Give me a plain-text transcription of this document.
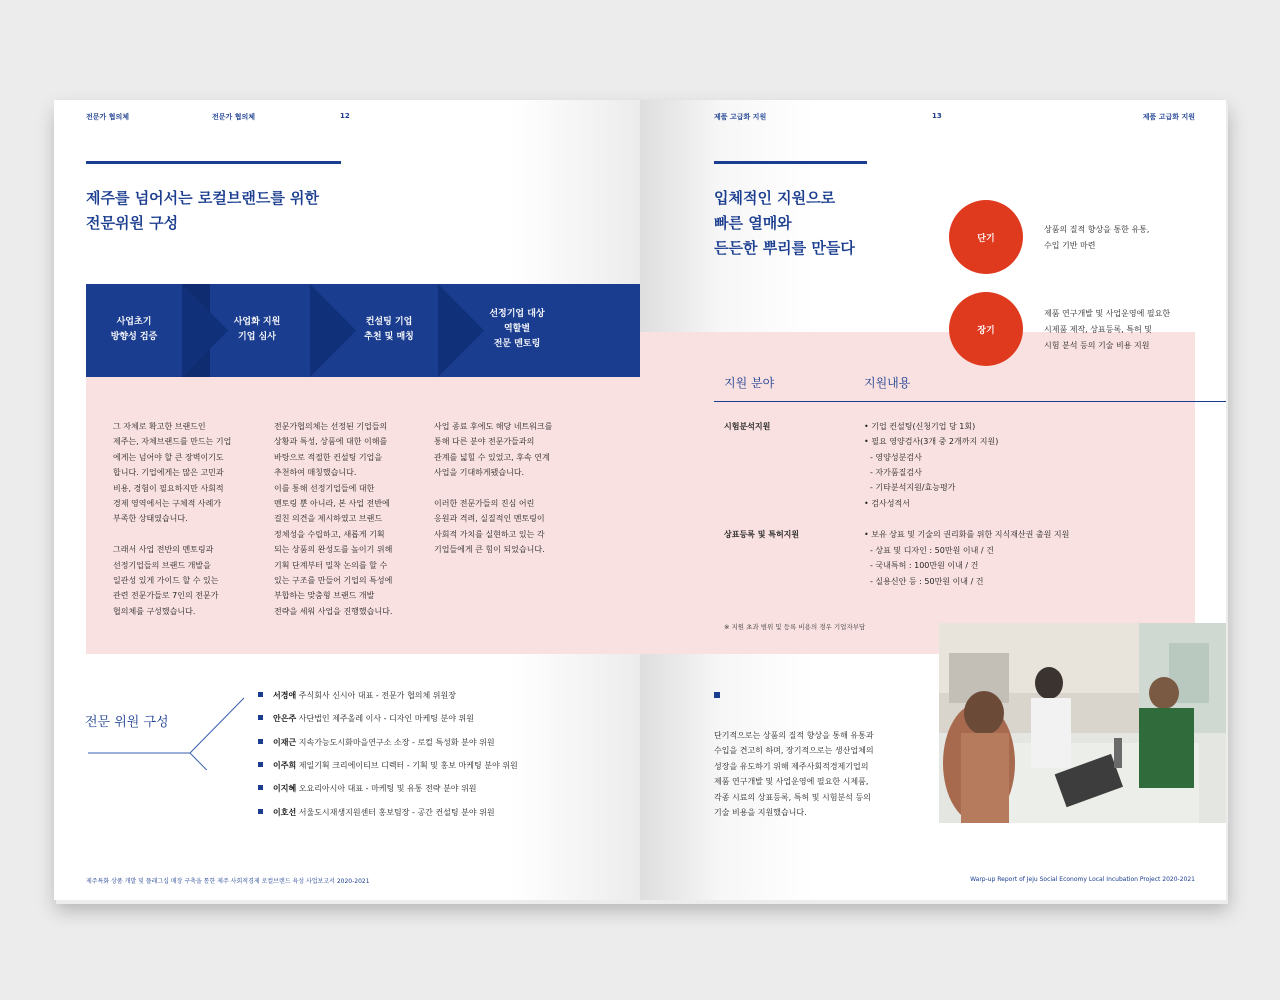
전문가 협의체	전문가 협의체	12
제주를 넘어서는 로컬브랜드를 위한
전문위원 구성
사업초기
방향성 검증
사업화 지원
기업 심사
컨설팅 기업
추천 및 매칭
선정기업 대상
역할별
전문 멘토링
그 자체로 확고한 브랜드인
제주는, 자체브랜드를 만드는 기업
에게는 넘어야 할 큰 장벽이기도
합니다. 기업에게는 많은 고민과
비용, 경험이 필요하지만 사회적
경제 영역에서는 구체적 사례가
부족한 상태였습니다.

그래서 사업 전반의 멘토링과
선정기업들의 브랜드 개발을
일관성 있게 가이드 할 수 있는
관련 전문가들로 7인의 전문가
협의체를 구성했습니다.
전문가협의체는 선정된 기업들의
상황과 특성, 상품에 대한 이해를
바탕으로 적절한 컨설팅 기업을
추천하여 매칭했습니다.
이를 통해 선정기업들에 대한
멘토링 뿐 아니라, 본 사업 전반에
걸친 의견을 제시하였고 브랜드
정체성을 수립하고, 새롭게 기획
되는 상품의 완성도를 높이기 위해
기획 단계부터 밀착 논의를 할 수
있는 구조를 만들어 기업의 특성에
부합하는 맞춤형 브랜드 개발
전략을 세워 사업을 진행했습니다.
사업 종료 후에도 해당 네트워크를
통해 다른 분야 전문가들과의
관계를 넓힐 수 있었고, 후속 연계
사업을 기대하게됐습니다.

이러한 전문가들의 진심 어린
응원과 격려, 실질적인 멘토링이
사회적 가치를 실현하고 있는 각
기업들에게 큰 힘이 되었습니다.
전문 위원 구성
서경애 주식회사 신시아 대표 - 전문가 협의체 위원장
안은주 사단법인 제주올레 이사 - 디자인 마케팅 분야 위원
이재근 지속가능도시화마을연구소 소장 - 로컬 특성화 분야 위원
이주희 제일기획 크리에이티브 디렉터 - 기획 및 홍보 마케팅 분야 위원
이지혜 오요리아시아 대표 - 마케팅 및 유통 전략 분야 위원
이호선 서울도시재생지원센터 홍보팀장 - 공간 컨설팅 분야 위원
제주특화 상품 개발 및 플래그십 매장 구축을 통한 제주 사회적경제 로컬브랜드 육성 사업보고서 2020-2021
제품 고급화 지원	13	제품 고급화 지원
입체적인 지원으로
빠른 열매와
든든한 뿌리를 만들다
단기
상품의 질적 향상을 통한 유통,
수입 기반 마련
장기
제품 연구개발 및 사업운영에 필요한
시제품 제작, 상표등록, 특허 및
시험 분석 등의 기술 비용 지원
지원 분야	지원내용
시험분석지원	• 기업 컨설팅(신청기업 당 1회)
• 필요 영양검사(3개 중 2개까지 지원)
- 영양성분검사
- 자가품질검사
- 기타분석지원/효능평가
• 검사성적서
상표등록 및 특허지원	• 보유 상표 및 기술의 권리화를 위한 지식재산권 출원 지원
- 상표 및 디자인 : 50만원 이내 / 건
- 국내특허 : 100만원 이내 / 건
- 실용신안 등 : 50만원 이내 / 건
※ 지원 초과 범위 및 등록 비용의 경우 기업자부담
단기적으로는 상품의 질적 향상을 통해 유통과
수입을 견고히 하며, 장기적으로는 생산업체의
성장을 유도하기 위해 제주사회적경제기업의
제품 연구개발 및 사업운영에 필요한 시제품,
각종 시료의 상표등록, 특허 및 시험분석 등의
기술 비용을 지원했습니다.
Warp-up Report of Jeju Social Economy Local Incubation Project 2020-2021
